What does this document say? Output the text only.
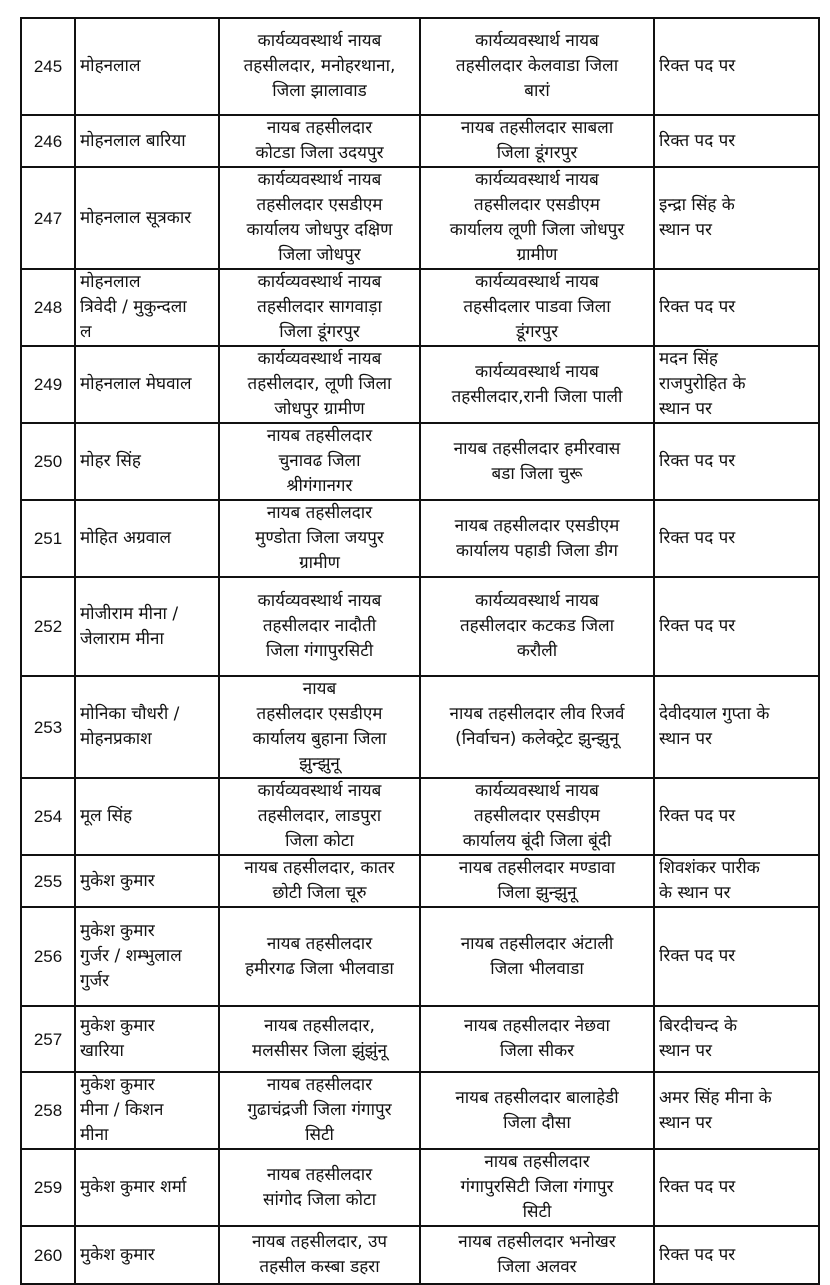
245	मोहनलाल	कार्यव्यवस्थार्थ नायब
तहसीलदार, मनोहरथाना,
जिला झालावाड	कार्यव्यवस्थार्थ नायब
तहसीलदार केलवाडा जिला
बारां	रिक्त पद पर

246	मोहनलाल बारिया	नायब तहसीलदार
कोटडा जिला उदयपुर	नायब तहसीलदार साबला
जिला डूंगरपुर	रिक्त पद पर

247	मोहनलाल सूत्रकार	कार्यव्यवस्थार्थ नायब
तहसीलदार एसडीएम
कार्यालय जोधपुर दक्षिण
जिला जोधपुर	कार्यव्यवस्थार्थ नायब
तहसीलदार एसडीएम
कार्यालय लूणी जिला जोधपुर
ग्रामीण	इन्द्रा सिंह के
स्थान पर

248	मोहनलाल
त्रिवेदी / मुकुन्दला
ल	कार्यव्यवस्थार्थ नायब
तहसीलदार सागवाड़ा
जिला डूंगरपुर	कार्यव्यवस्थार्थ नायब
तहसीदलार पाडवा जिला
डूंगरपुर	रिक्त पद पर

249	मोहनलाल मेघवाल	कार्यव्यवस्थार्थ नायब
तहसीलदार, लूणी जिला
जोधपुर ग्रामीण	कार्यव्यवस्थार्थ नायब
तहसीलदार,रानी जिला पाली	मदन सिंह
राजपुरोहित के
स्थान पर

250	मोहर सिंह	नायब तहसीलदार
चुनावढ जिला
श्रीगंगानगर	नायब तहसीलदार हमीरवास
बडा जिला चुरू	रिक्त पद पर

251	मोहित अग्रवाल	नायब तहसीलदार
मुण्डोता जिला जयपुर
ग्रामीण	नायब तहसीलदार एसडीएम
कार्यालय पहाडी जिला डीग	रिक्त पद पर

252	मोजीराम मीना /
जेलाराम मीना	कार्यव्यवस्थार्थ नायब
तहसीलदार नादौती
जिला गंगापुरसिटी	कार्यव्यवस्थार्थ नायब
तहसीलदार कटकड जिला
करौली	रिक्त पद पर

253	मोनिका चौधरी /
मोहनप्रकाश	नायब
तहसीलदार एसडीएम
कार्यालय बुहाना जिला
झुन्झुनू	नायब तहसीलदार लीव रिजर्व
(निर्वाचन) कलेक्ट्रेट झुन्झुनू	देवीदयाल गुप्ता के
स्थान पर

254	मूल सिंह	कार्यव्यवस्थार्थ नायब
तहसीलदार, लाडपुरा
जिला कोटा	कार्यव्यवस्थार्थ नायब
तहसीलदार एसडीएम
कार्यालय बूंदी जिला बूंदी	रिक्त पद पर

255	मुकेश कुमार	नायब तहसीलदार, कातर
छोटी जिला चूरु	नायब तहसीलदार मण्डावा
जिला झुन्झुनू	शिवशंकर पारीक
के स्थान पर

256	मुकेश कुमार
गुर्जर / शम्भुलाल
गुर्जर	नायब तहसीलदार
हमीरगढ जिला भीलवाडा	नायब तहसीलदार अंटाली
जिला भीलवाडा	रिक्त पद पर

257	मुकेश कुमार
खारिया	नायब तहसीलदार,
मलसीसर जिला झुंझुंनू	नायब तहसीलदार नेछवा
जिला सीकर	बिरदीचन्द के
स्थान पर

258	मुकेश कुमार
मीना / किशन
मीना	नायब तहसीलदार
गुढाचंद्रजी जिला गंगापुर
सिटी	नायब तहसीलदार बालाहेडी
जिला दौसा	अमर सिंह मीना के
स्थान पर

259	मुकेश कुमार शर्मा	नायब तहसीलदार
सांगोद जिला कोटा	नायब तहसीलदार
गंगापुरसिटी जिला गंगापुर
सिटी	रिक्त पद पर

260	मुकेश कुमार	नायब तहसीलदार, उप
तहसील कस्बा डहरा	नायब तहसीलदार भनोखर
जिला अलवर	रिक्त पद पर
